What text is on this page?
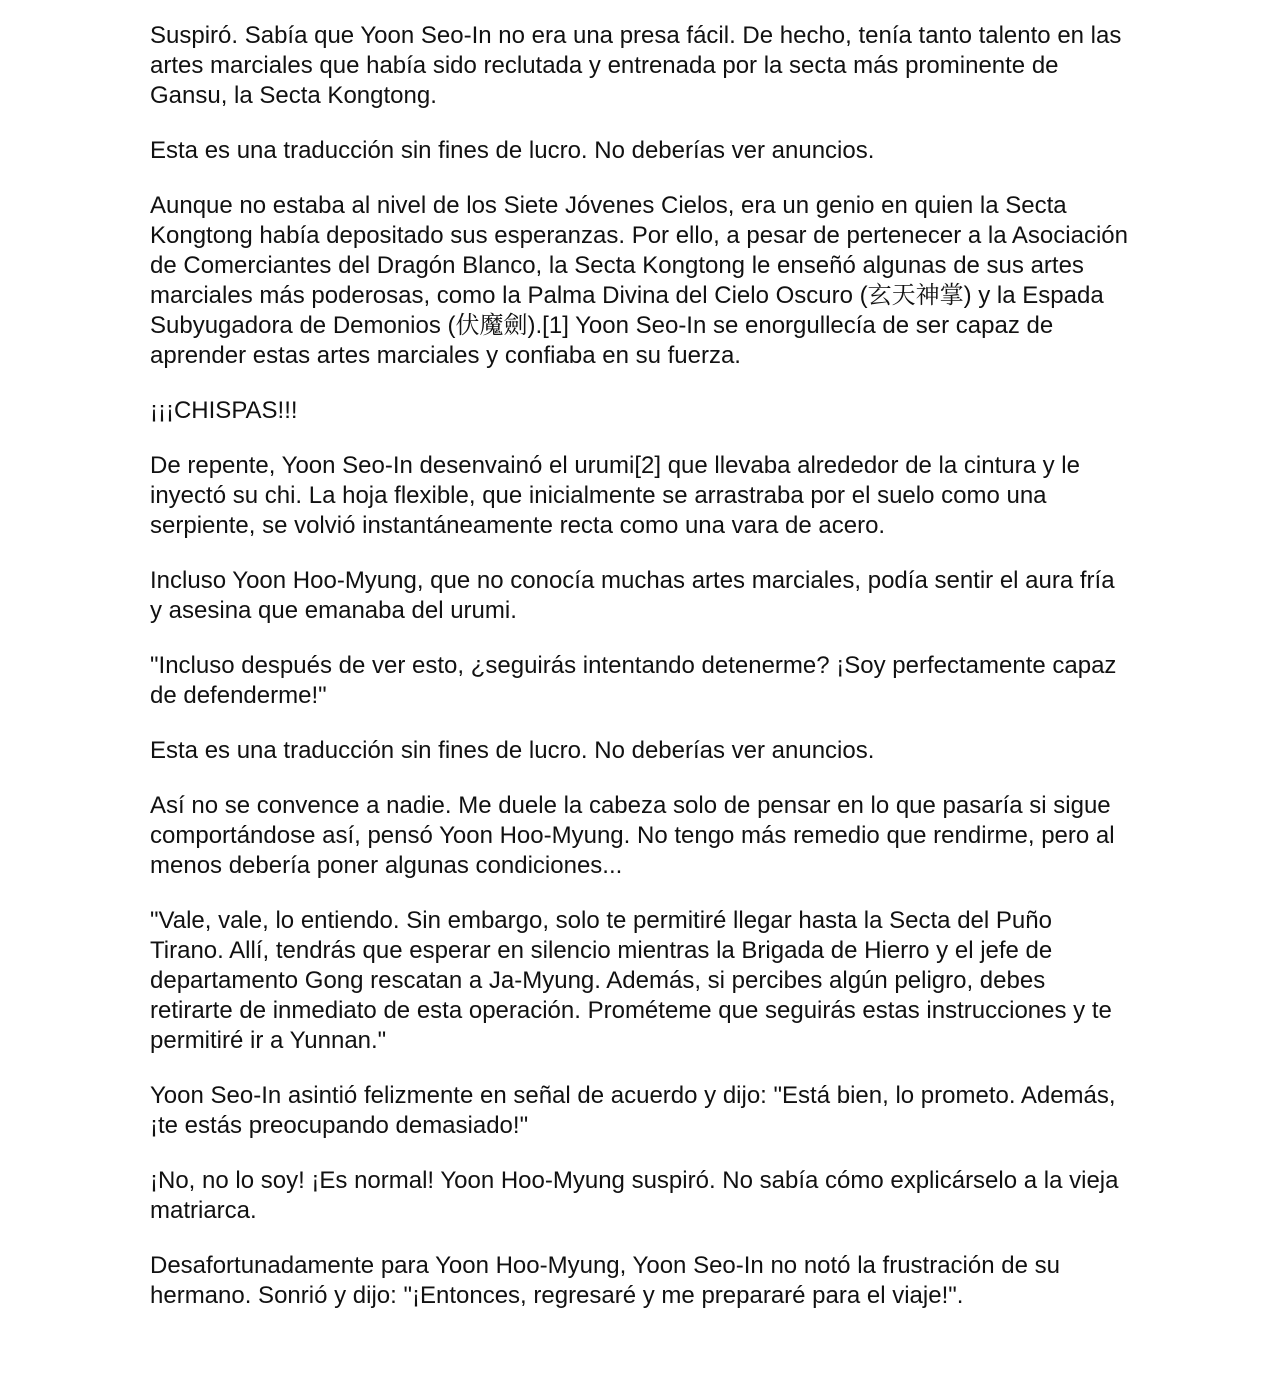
Suspiró. Sabía que Yoon Seo-In no era una presa fácil. De hecho, tenía tanto talento en las artes marciales que había sido reclutada y entrenada por la secta más prominente de Gansu, la Secta Kongtong.

Esta es una traducción sin fines de lucro. No deberías ver anuncios.

Aunque no estaba al nivel de los Siete Jóvenes Cielos, era un genio en quien la Secta Kongtong había depositado sus esperanzas. Por ello, a pesar de pertenecer a la Asociación de Comerciantes del Dragón Blanco, la Secta Kongtong le enseñó algunas de sus artes marciales más poderosas, como la Palma Divina del Cielo Oscuro (玄天神掌) y la Espada Subyugadora de Demonios (伏魔劍).[1] Yoon Seo-In se enorgullecía de ser capaz de aprender estas artes marciales y confiaba en su fuerza.

¡¡¡CHISPAS!!!

De repente, Yoon Seo-In desenvainó el urumi[2] que llevaba alrededor de la cintura y le inyectó su chi. La hoja flexible, que inicialmente se arrastraba por el suelo como una serpiente, se volvió instantáneamente recta como una vara de acero.

Incluso Yoon Hoo-Myung, que no conocía muchas artes marciales, podía sentir el aura fría y asesina que emanaba del urumi.

"Incluso después de ver esto, ¿seguirás intentando detenerme? ¡Soy perfectamente capaz de defenderme!"

Esta es una traducción sin fines de lucro. No deberías ver anuncios.

Así no se convence a nadie. Me duele la cabeza solo de pensar en lo que pasaría si sigue comportándose así, pensó Yoon Hoo-Myung. No tengo más remedio que rendirme, pero al menos debería poner algunas condiciones...

"Vale, vale, lo entiendo. Sin embargo, solo te permitiré llegar hasta la Secta del Puño Tirano. Allí, tendrás que esperar en silencio mientras la Brigada de Hierro y el jefe de departamento Gong rescatan a Ja-Myung. Además, si percibes algún peligro, debes retirarte de inmediato de esta operación. Prométeme que seguirás estas instrucciones y te permitiré ir a Yunnan."

Yoon Seo-In asintió felizmente en señal de acuerdo y dijo: "Está bien, lo prometo. Además, ¡te estás preocupando demasiado!"

¡No, no lo soy! ¡Es normal! Yoon Hoo-Myung suspiró. No sabía cómo explicárselo a la vieja matriarca.

Desafortunadamente para Yoon Hoo-Myung, Yoon Seo-In no notó la frustración de su hermano. Sonrió y dijo: "¡Entonces, regresaré y me prepararé para el viaje!".
